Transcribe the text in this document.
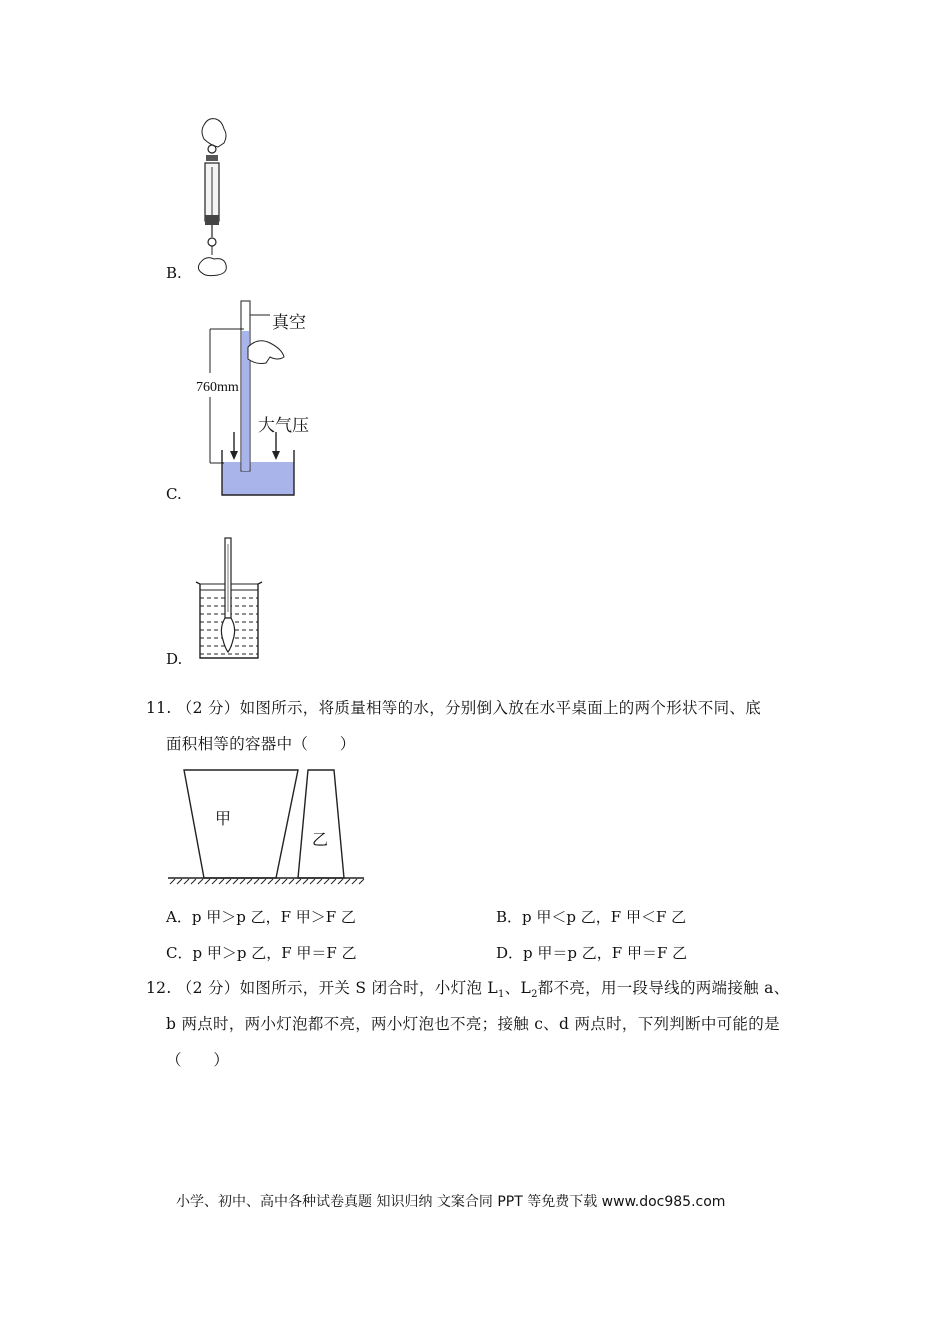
B.
真空
760mm
大气压
C.
D.
11. （2 分）如图所示，将质量相等的水，分别倒入放在水平桌面上的两个形状不同、底
面积相等的容器中（　　）
甲
乙
A．p 甲＞p 乙，F 甲＞F 乙	B．p 甲＜p 乙，F 甲＜F 乙
C．p 甲＞p 乙，F 甲＝F 乙	D．p 甲＝p 乙，F 甲＝F 乙
12. （2 分）如图所示，开关 S 闭合时，小灯泡 $L_1$、$L_2$都不亮，用一段导线的两端接触 a、
b 两点时，两小灯泡都不亮，两小灯泡也不亮；接触 c、d 两点时，下列判断中可能的是
（　　）
小学、初中、高中各种试卷真题 知识归纳 文案合同 PPT 等免费下载 www.doc985.com
